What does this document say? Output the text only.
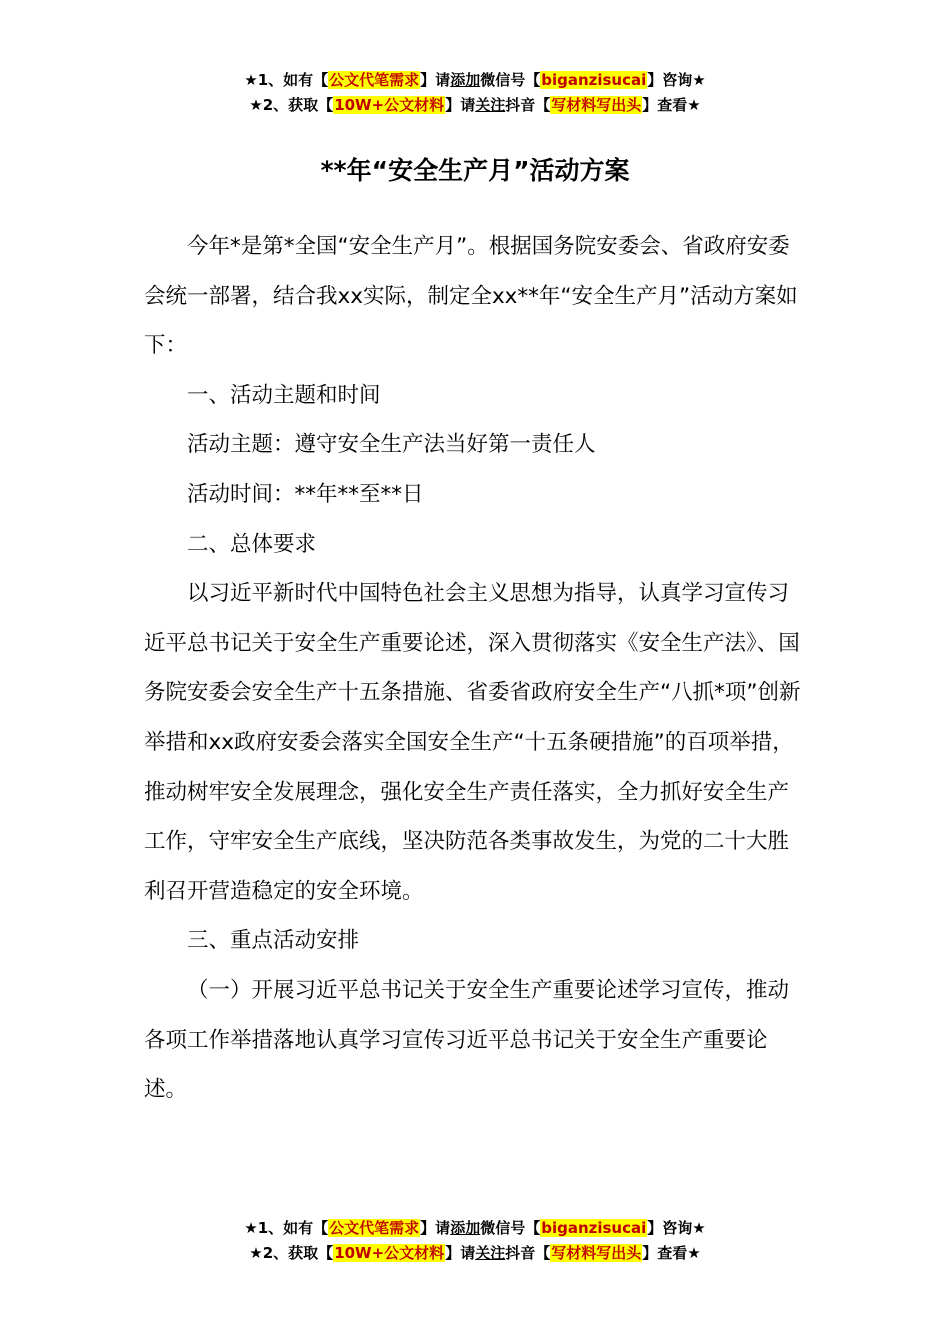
★1、如有【公文代笔需求】请添加微信号【biganzisucai】咨询★
★2、获取【10W+公文材料】请关注抖音【写材料写出头】查看★
**年“安全生产月”活动方案

今年*是第*全国“安全生产月”。根据国务院安委会、省政府安委会统一部署，结合我xx实际，制定全xx**年“安全生产月”活动方案如下：

一、活动主题和时间

活动主题：遵守安全生产法当好第一责任人

活动时间：**年**至**日

二、总体要求

以习近平新时代中国特色社会主义思想为指导，认真学习宣传习近平总书记关于安全生产重要论述，深入贯彻落实《安全生产法》、国务院安委会安全生产十五条措施、省委省政府安全生产“八抓*项”创新举措和xx政府安委会落实全国安全生产“十五条硬措施”的百项举措，推动树牢安全发展理念，强化安全生产责任落实，全力抓好安全生产工作，守牢安全生产底线，坚决防范各类事故发生，为党的二十大胜利召开营造稳定的安全环境。

三、重点活动安排

（一）开展习近平总书记关于安全生产重要论述学习宣传，推动各项工作举措落地认真学习宣传习近平总书记关于安全生产重要论述。

★1、如有【公文代笔需求】请添加微信号【biganzisucai】咨询★
★2、获取【10W+公文材料】请关注抖音【写材料写出头】查看★
